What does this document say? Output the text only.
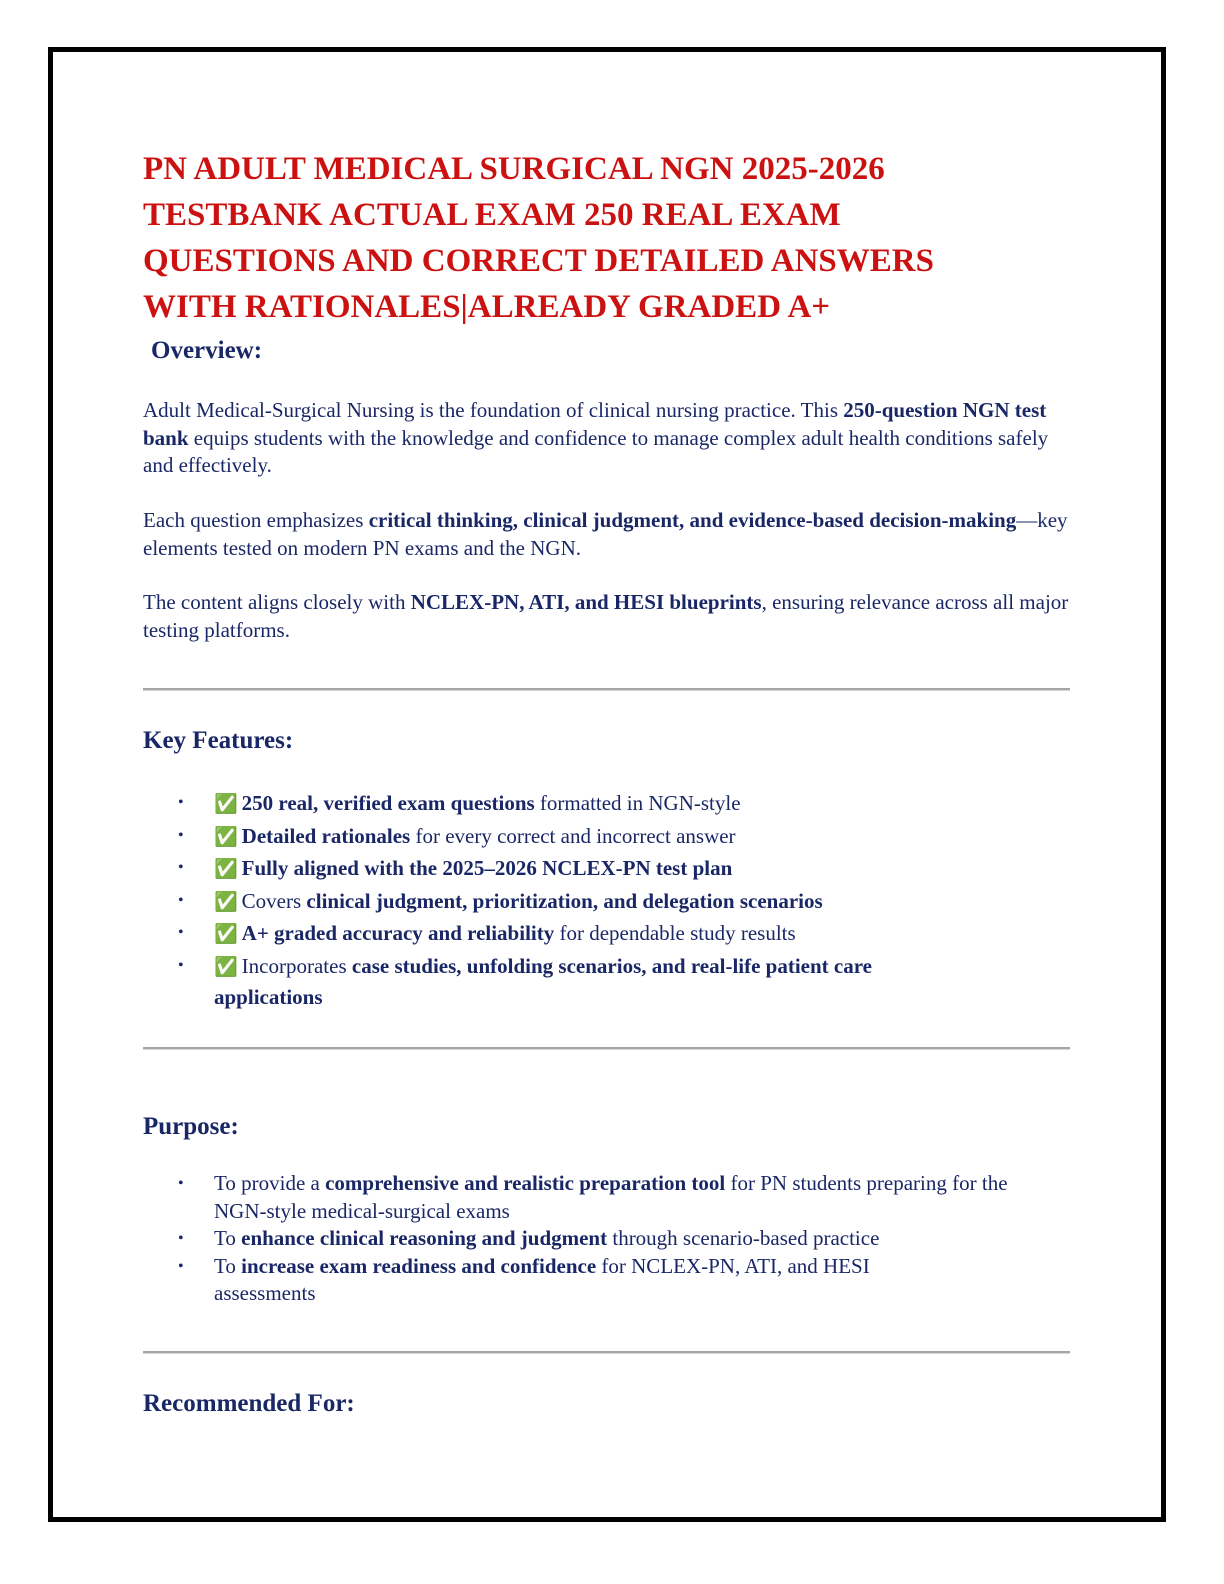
PN ADULT MEDICAL SURGICAL NGN 2025-2026
TESTBANK ACTUAL EXAM 250 REAL EXAM
QUESTIONS AND CORRECT DETAILED ANSWERS
WITH RATIONALES|ALREADY GRADED A+
Overview:

Adult Medical-Surgical Nursing is the foundation of clinical nursing practice. This 250-question NGN test bank equips students with the knowledge and confidence to manage complex adult health conditions safely and effectively.

Each question emphasizes critical thinking, clinical judgment, and evidence-based decision-making—key elements tested on modern PN exams and the NGN.

The content aligns closely with NCLEX-PN, ATI, and HESI blueprints, ensuring relevance across all major testing platforms.

Key Features:
• ✅ 250 real, verified exam questions formatted in NGN-style
• ✅ Detailed rationales for every correct and incorrect answer
• ✅ Fully aligned with the 2025–2026 NCLEX-PN test plan
• ✅ Covers clinical judgment, prioritization, and delegation scenarios
• ✅ A+ graded accuracy and reliability for dependable study results
• ✅ Incorporates case studies, unfolding scenarios, and real-life patient care applications
Purpose:
• To provide a comprehensive and realistic preparation tool for PN students preparing for the NGN-style medical-surgical exams
• To enhance clinical reasoning and judgment through scenario-based practice
• To increase exam readiness and confidence for NCLEX-PN, ATI, and HESI assessments
Recommended For:
